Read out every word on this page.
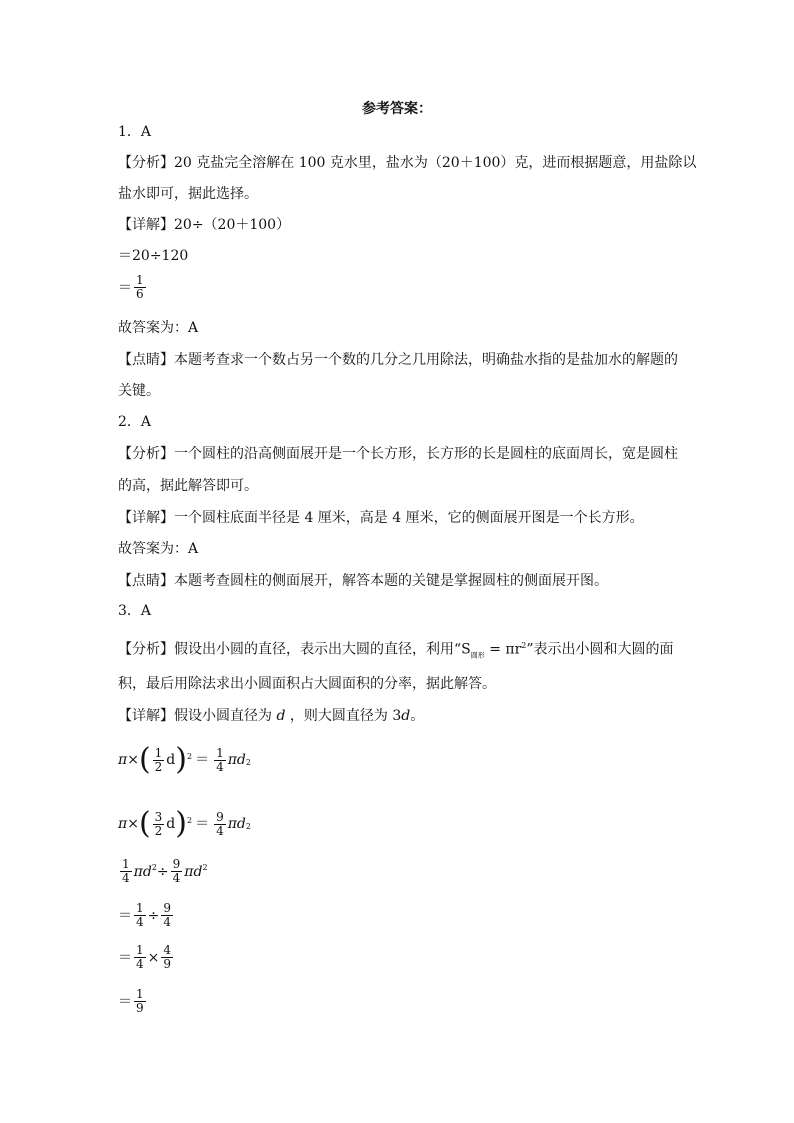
参考答案：
1．A
【分析】20 克盐完全溶解在 100 克水里，盐水为（20＋100）克，进而根据题意，用盐除以
盐水即可，据此选择。
【详解】20÷（20＋100）
＝20÷120
＝ $\frac{1}{6}$
故答案为：A
【点睛】本题考查求一个数占另一个数的几分之几用除法，明确盐水指的是盐加水的解题的
关键。
2．A
【分析】一个圆柱的沿高侧面展开是一个长方形，长方形的长是圆柱的底面周长，宽是圆柱
的高，据此解答即可。
【详解】一个圆柱底面半径是 4 厘米，高是 4 厘米，它的侧面展开图是一个长方形。
故答案为：A
【点睛】本题考查圆柱的侧面展开，解答本题的关键是掌握圆柱的侧面展开图。
3．A
【分析】假设出小圆的直径，表示出大圆的直径，利用“$S_{圆形} = \pi r^2$”表示出小圆和大圆的面
积，最后用除法求出小圆面积占大圆面积的分率，据此解答。
【详解】假设小圆直径为 d ，则大圆直径为 3d。
π × ( $\frac{1}{2}$ d )$^2 = \frac{1}{4} \pi d_2$
π × ( $\frac{3}{2}$ d )$^2 = \frac{9}{4} \pi d_2$
$\frac{1}{4} \pi d^2 \div \frac{9}{4} \pi d^2$
＝ $\frac{1}{4} \div \frac{9}{4}$
＝ $\frac{1}{4} \times \frac{4}{9}$
＝ $\frac{1}{9}$
